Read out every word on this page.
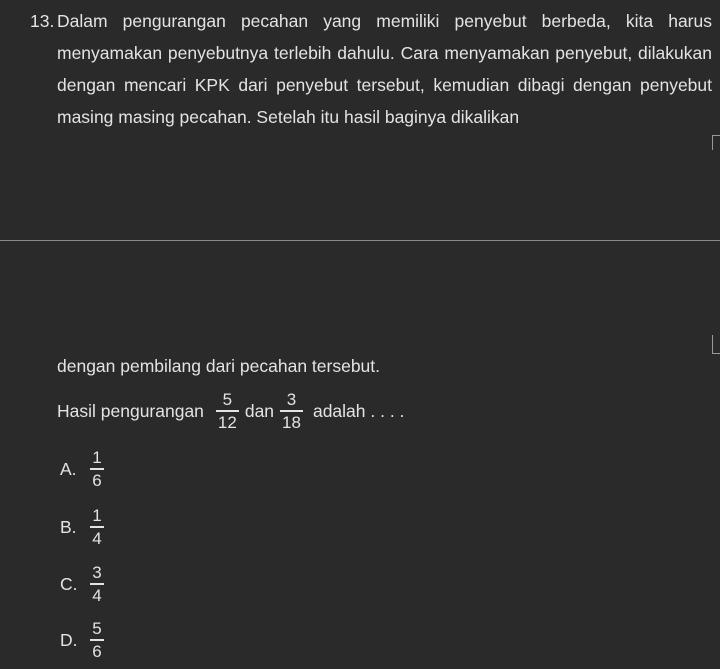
13. Dalam pengurangan pecahan yang memiliki penyebut berbeda, kita harus menyamakan penyebutnya terlebih dahulu. Cara menyamakan penyebut, dilakukan dengan mencari KPK dari penyebut tersebut, kemudian dibagi dengan penyebut masing masing pecahan. Setelah itu hasil baginya dikalikan

dengan pembilang dari pecahan tersebut.
Hasil pengurangan $\frac{5}{12}$ dan $\frac{3}{18}$ adalah . . . .
A. $\frac{1}{6}$
B. $\frac{1}{4}$
C. $\frac{3}{4}$
D. $\frac{5}{6}$
